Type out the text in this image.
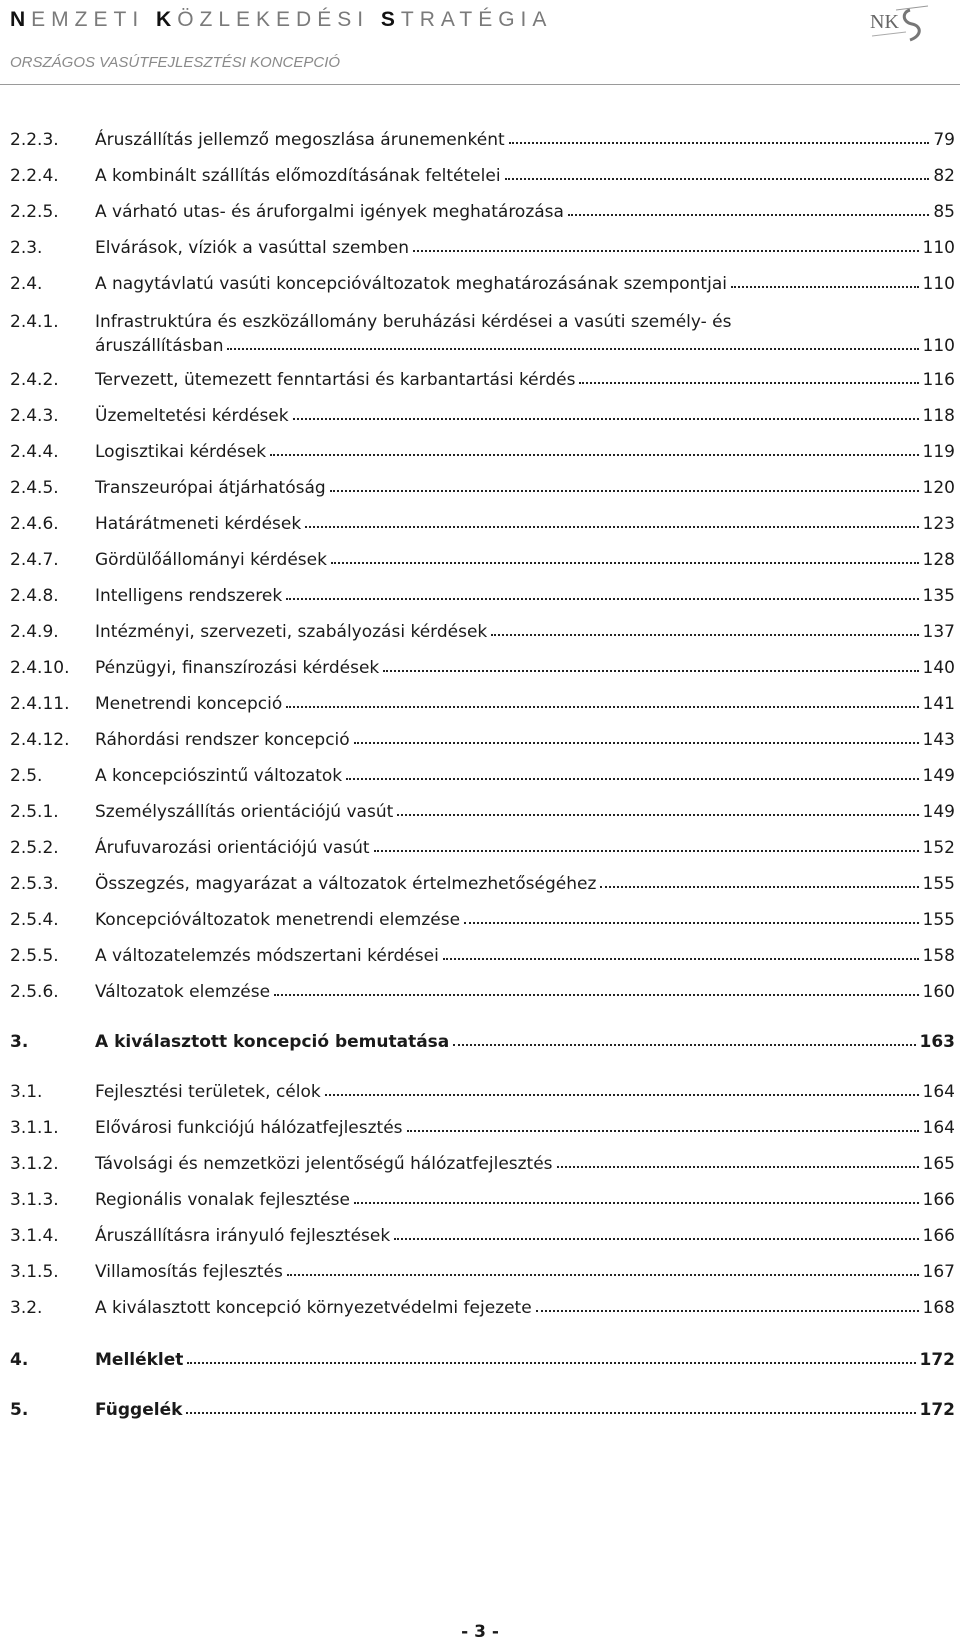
NEMZETI KÖZLEKEDÉSI STRATÉGIA
ORSZÁGOS VASÚTFEJLESZTÉSI KONCEPCIÓ
NK
2.2.3. Áruszállítás jellemző megoszlása árunemenként	79
2.2.4. A kombinált szállítás előmozdításának feltételei	82
2.2.5. A várható utas- és áruforgalmi igények meghatározása	85
2.3.	Elvárások, víziók a vasúttal szemben	110
2.4.	A nagytávlatú vasúti koncepcióváltozatok meghatározásának szempontjai	110
2.4.1. Infrastruktúra és eszközállomány beruházási kérdései a vasúti személy- és
áruszállításban	110
2.4.2. Tervezett, ütemezett fenntartási és karbantartási kérdés	116
2.4.3. Üzemeltetési kérdések	118
2.4.4. Logisztikai kérdések	119
2.4.5. Transzeurópai átjárhatóság	120
2.4.6. Határátmeneti kérdések	123
2.4.7. Gördülőállományi kérdések	128
2.4.8. Intelligens rendszerek	135
2.4.9. Intézményi, szervezeti, szabályozási kérdések	137
2.4.10. Pénzügyi, finanszírozási kérdések	140
2.4.11. Menetrendi koncepció	141
2.4.12. Ráhordási rendszer koncepció	143
2.5.	A koncepciószintű változatok	149
2.5.1. Személyszállítás orientációjú vasút	149
2.5.2. Árufuvarozási orientációjú vasút	152
2.5.3. Összegzés, magyarázat a változatok értelmezhetőségéhez	155
2.5.4. Koncepcióváltozatok menetrendi elemzése	155
2.5.5. A változatelemzés módszertani kérdései	158
2.5.6. Változatok elemzése	160
3.	A kiválasztott koncepció bemutatása	163
3.1.	Fejlesztési területek, célok	164
3.1.1. Elővárosi funkciójú hálózatfejlesztés	164
3.1.2. Távolsági és nemzetközi jelentőségű hálózatfejlesztés	165
3.1.3. Regionális vonalak fejlesztése	166
3.1.4. Áruszállításra irányuló fejlesztések	166
3.1.5. Villamosítás fejlesztés	167
3.2.	A kiválasztott koncepció környezetvédelmi fejezete	168
4.	Melléklet	172
5.	Függelék	172
- 3 -
